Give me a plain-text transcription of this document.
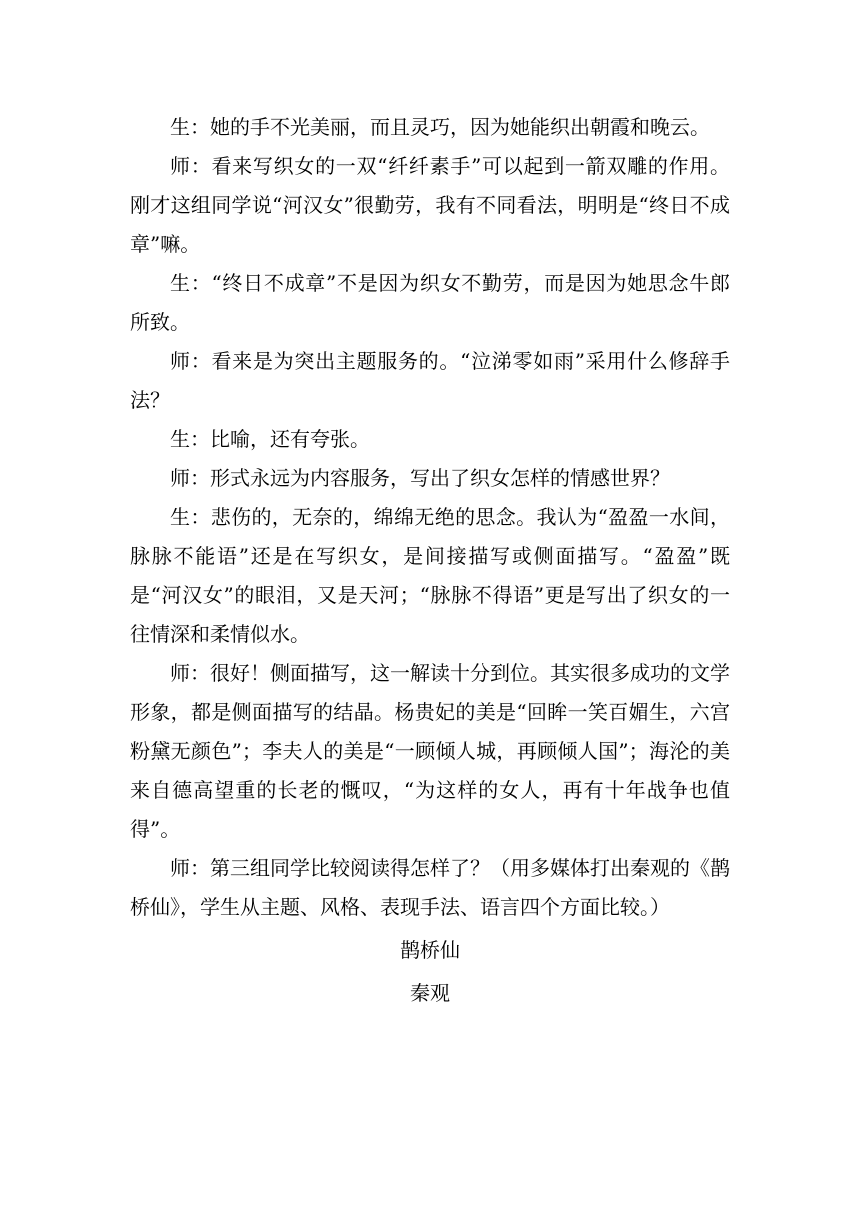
生：她的手不光美丽，而且灵巧，因为她能织出朝霞和晚云。

师：看来写织女的一双“纤纤素手”可以起到一箭双雕的作用。刚才这组同学说“河汉女”很勤劳，我有不同看法，明明是“终日不成章”嘛。

生：“终日不成章”不是因为织女不勤劳，而是因为她思念牛郎所致。

师：看来是为突出主题服务的。“泣涕零如雨”采用什么修辞手法？

生：比喻，还有夸张。

师：形式永远为内容服务，写出了织女怎样的情感世界？

生：悲伤的，无奈的，绵绵无绝的思念。我认为“盈盈一水间，脉脉不能语”还是在写织女，是间接描写或侧面描写。“盈盈”既是“河汉女”的眼泪，又是天河；“脉脉不得语”更是写出了织女的一往情深和柔情似水。

师：很好！侧面描写，这一解读十分到位。其实很多成功的文学形象，都是侧面描写的结晶。杨贵妃的美是“回眸一笑百媚生，六宫粉黛无颜色”；李夫人的美是“一顾倾人城，再顾倾人国”；海沦的美来自德高望重的长老的慨叹，“为这样的女人，再有十年战争也值得”。

师：第三组同学比较阅读得怎样了？（用多媒体打出秦观的《鹊桥仙》，学生从主题、风格、表现手法、语言四个方面比较。）

鹊桥仙

秦观
